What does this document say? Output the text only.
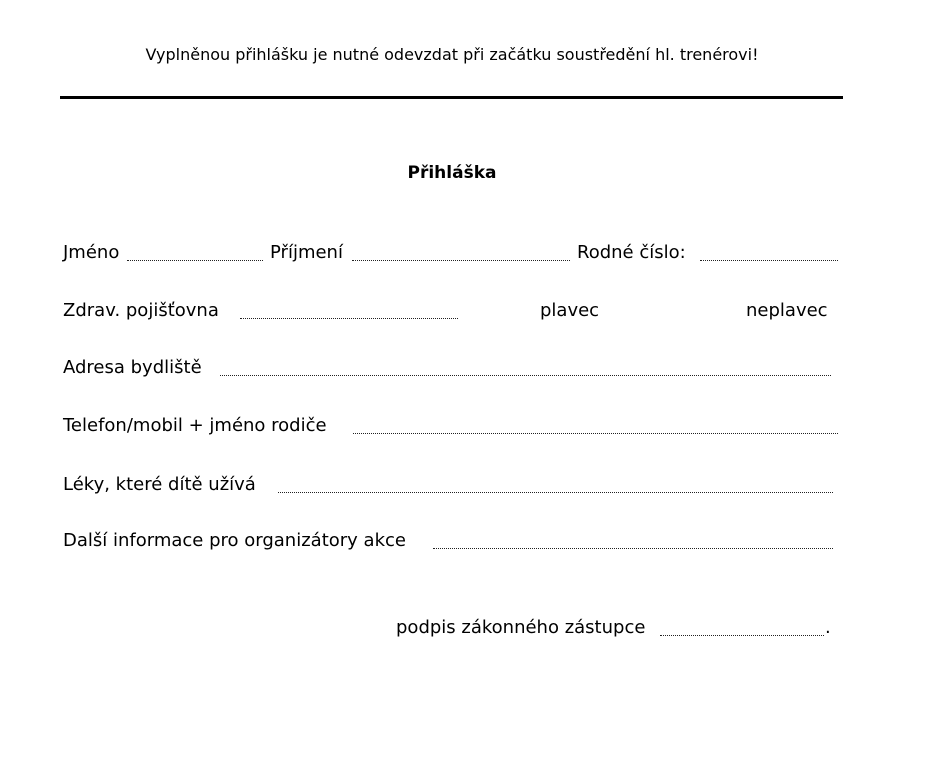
Vyplněnou přihlášku je nutné odevzdat při začátku soustředění hl. trenérovi!
Přihláška
Jméno	Příjmení	Rodné číslo:
Zdrav. pojišťovna	plavec	neplavec
Adresa bydliště
Telefon/mobil + jméno rodiče
Léky, které dítě užívá
Další informace pro organizátory akce
podpis zákonného zástupce	.
